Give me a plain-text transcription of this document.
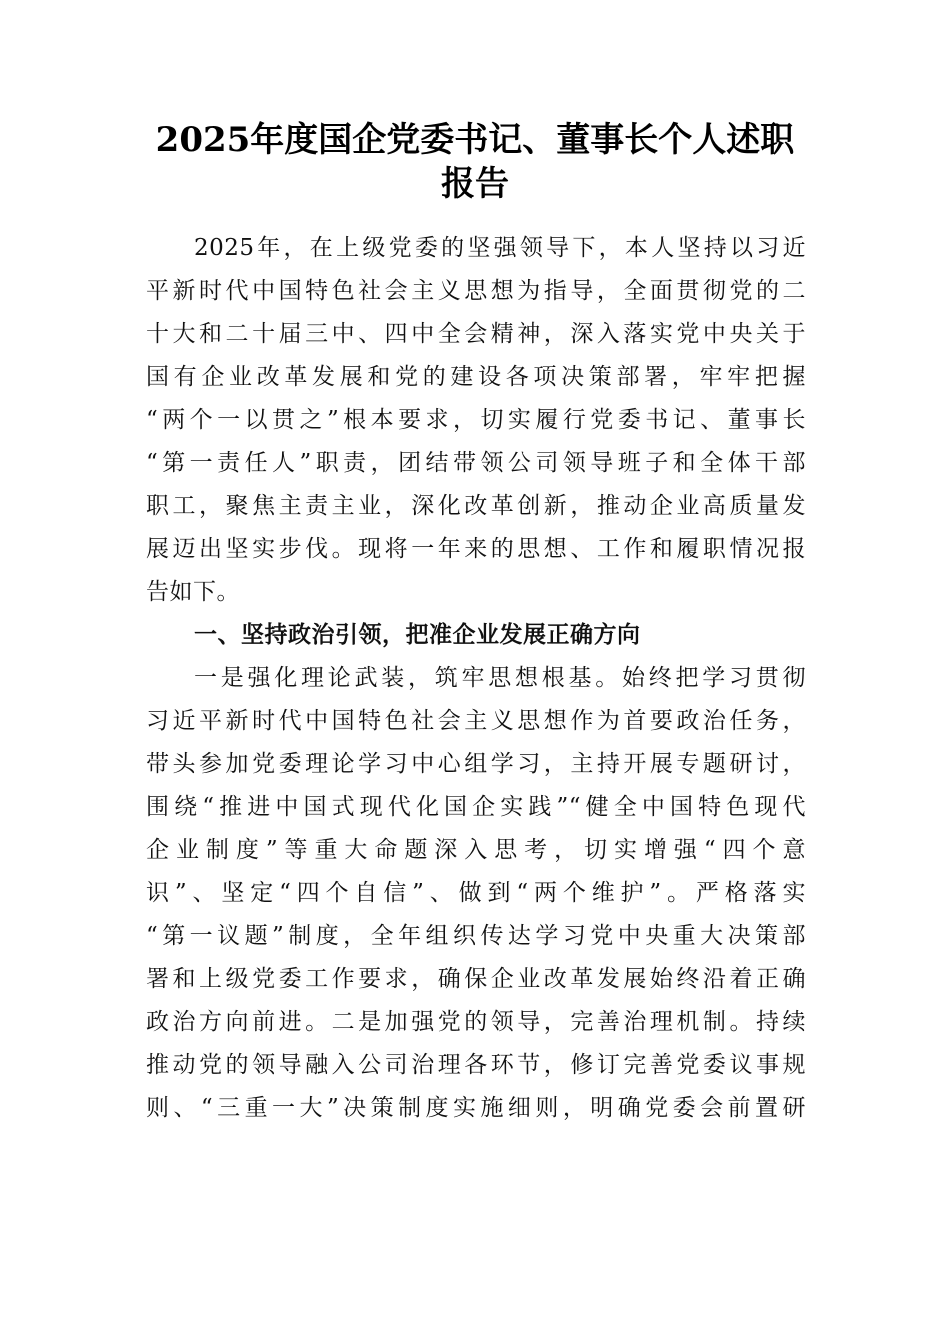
2025年度国企党委书记、董事长个人述职
报告
2025年，在上级党委的坚强领导下，本人坚持以习近
平新时代中国特色社会主义思想为指导，全面贯彻党的二
十大和二十届三中、四中全会精神，深入落实党中央关于
国有企业改革发展和党的建设各项决策部署，牢牢把握
“两个一以贯之”根本要求，切实履行党委书记、董事长
“第一责任人”职责，团结带领公司领导班子和全体干部
职工，聚焦主责主业，深化改革创新，推动企业高质量发
展迈出坚实步伐。现将一年来的思想、工作和履职情况报
告如下。
一、坚持政治引领，把准企业发展正确方向
一是强化理论武装，筑牢思想根基。始终把学习贯彻
习近平新时代中国特色社会主义思想作为首要政治任务，
带头参加党委理论学习中心组学习，主持开展专题研讨，
围绕“推进中国式现代化国企实践”“健全中国特色现代
企业制度”等重大命题深入思考，切实增强“四个意
识”、坚定“四个自信”、做到“两个维护”。严格落实
“第一议题”制度，全年组织传达学习党中央重大决策部
署和上级党委工作要求，确保企业改革发展始终沿着正确
政治方向前进。二是加强党的领导，完善治理机制。持续
推动党的领导融入公司治理各环节，修订完善党委议事规
则、“三重一大”决策制度实施细则，明确党委会前置研
